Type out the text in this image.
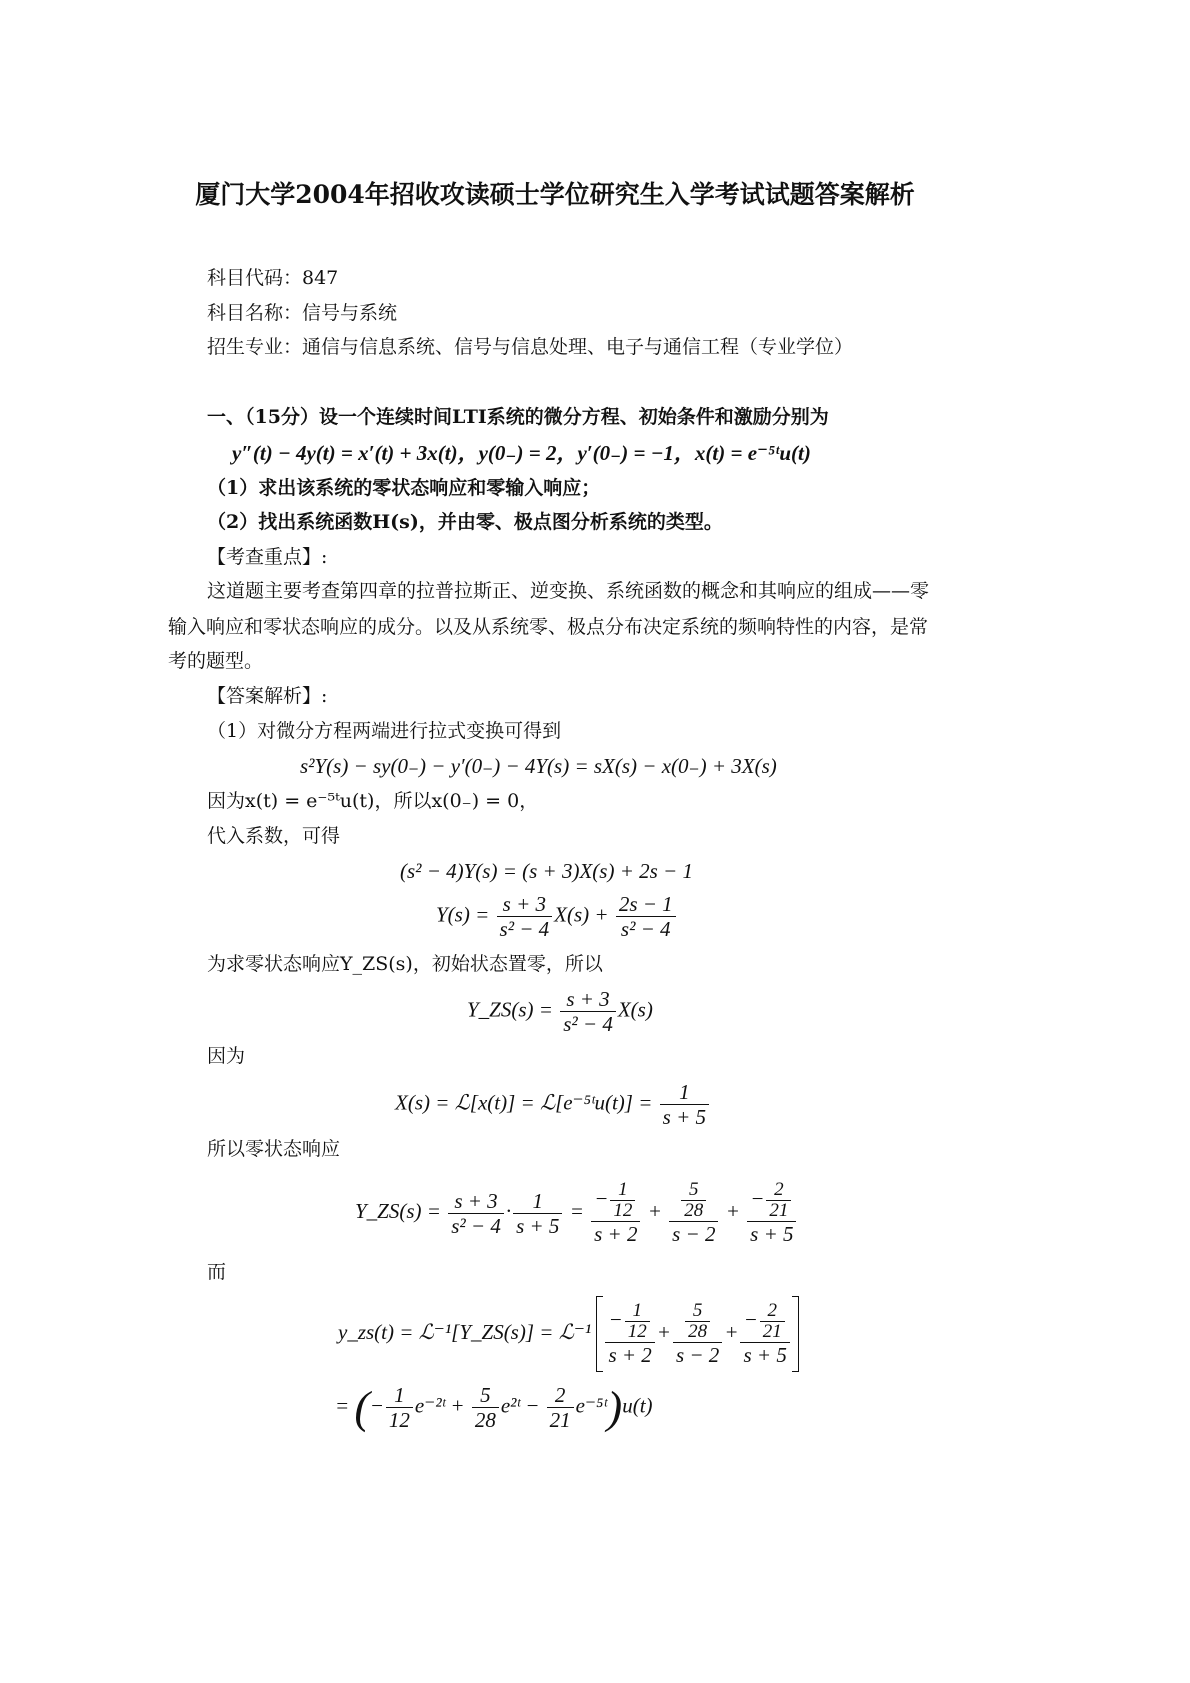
厦门大学2004年招收攻读硕士学位研究生入学考试试题答案解析
科目代码：847
科目名称：信号与系统
招生专业：通信与信息系统、信号与信息处理、电子与通信工程（专业学位）
一、（15分）设一个连续时间LTI系统的微分方程、初始条件和激励分别为
y″(t) − 4y(t) = x′(t) + 3x(t)，y(0₋) = 2，y′(0₋) = −1，x(t) = e⁻⁵ᵗu(t)
（1）求出该系统的零状态响应和零输入响应；
（2）找出系统函数H(s)，并由零、极点图分析系统的类型。
【考查重点】:
这道题主要考查第四章的拉普拉斯正、逆变换、系统函数的概念和其响应的组成——零
输入响应和零状态响应的成分。以及从系统零、极点分布决定系统的频响特性的内容，是常
考的题型。
【答案解析】:
（1）对微分方程两端进行拉式变换可得到
s²Y(s) − sy(0₋) − y′(0₋) − 4Y(s) = sX(s) − x(0₋) + 3X(s)
因为x(t) = e⁻⁵ᵗu(t)，所以x(0₋) = 0，
代入系数，可得
(s² − 4)Y(s) = (s + 3)X(s) + 2s − 1
$Y(s) = \frac{s + 3}{\text{s² − 4}} X(s) + \frac{2s - 1}{\text{s² − 4}}$
为求零状态响应Y_ZS(s)，初始状态置零，所以
Y_ZS(s) = $\frac{s + 3}{\text{s² − 4}} X(s)$
因为
X(s) = ℒ[x(t)] = ℒ[e⁻⁵ᵗu(t)] = $\frac{1}{s + 5}$
所以零状态响应
Y_ZS(s) = $\frac{s + 3}{\text{s² − 4}} \cdot \frac{1}{s + 5} = \frac{- \frac{1}{12}}{s + 2} + \frac{\frac{5}{28}}{s - 2} + \frac{- \frac{2}{21}}{s + 5}$
而
y_zs(t) = ℒ⁻¹[Y_ZS(s)] = ℒ⁻¹ $\frac{- \frac{1}{12}}{s + 2} + \frac{\frac{5}{28}}{s - 2} + \frac{- \frac{2}{21}}{s + 5}$
= (− $\frac{1}{12}$ e⁻²ᵗ + $\frac{5}{28}$ e²ᵗ − $\frac{2}{21}$ e⁻⁵ᵗ)u(t)
